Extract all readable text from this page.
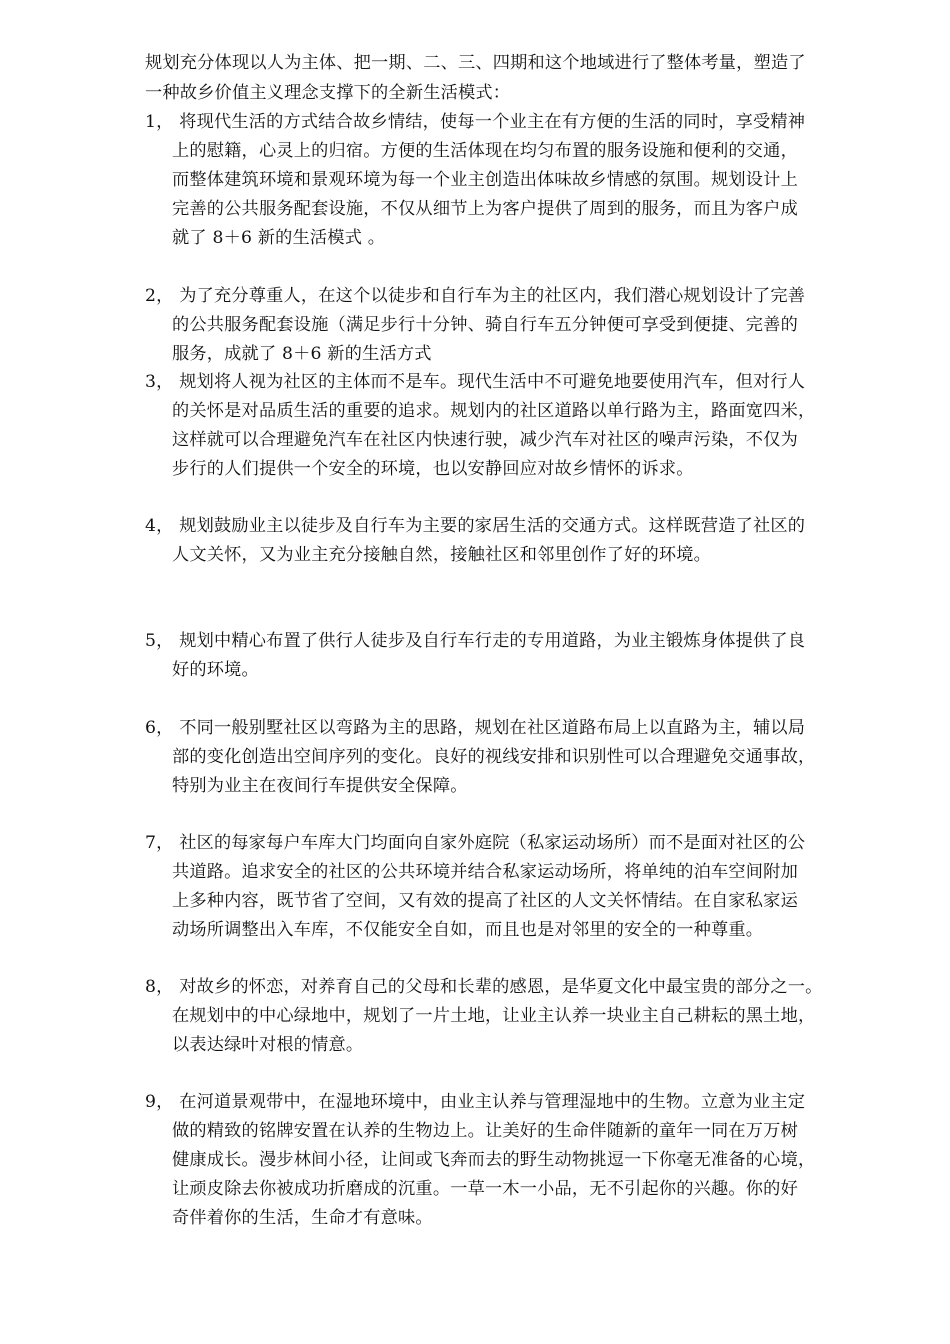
规划充分体现以人为主体、把一期、二、三、四期和这个地域进行了整体考量，塑造了
一种故乡价值主义理念支撑下的全新生活模式：
1， 将现代生活的方式结合故乡情结，使每一个业主在有方便的生活的同时，享受精神
上的慰籍，心灵上的归宿。方便的生活体现在均匀布置的服务设施和便利的交通，
而整体建筑环境和景观环境为每一个业主创造出体味故乡情感的氛围。规划设计上
完善的公共服务配套设施，不仅从细节上为客户提供了周到的服务，而且为客户成
就了 8＋6 新的生活模式 。
2， 为了充分尊重人，在这个以徒步和自行车为主的社区内，我们潜心规划设计了完善
的公共服务配套设施（满足步行十分钟、骑自行车五分钟便可享受到便捷、完善的
服务，成就了 8＋6 新的生活方式
3， 规划将人视为社区的主体而不是车。现代生活中不可避免地要使用汽车，但对行人
的关怀是对品质生活的重要的追求。规划内的社区道路以单行路为主，路面宽四米，
这样就可以合理避免汽车在社区内快速行驶，减少汽车对社区的噪声污染，不仅为
步行的人们提供一个安全的环境，也以安静回应对故乡情怀的诉求。
4， 规划鼓励业主以徒步及自行车为主要的家居生活的交通方式。这样既营造了社区的
人文关怀，又为业主充分接触自然，接触社区和邻里创作了好的环境。
5， 规划中精心布置了供行人徒步及自行车行走的专用道路，为业主锻炼身体提供了良
好的环境。
6， 不同一般别墅社区以弯路为主的思路，规划在社区道路布局上以直路为主，辅以局
部的变化创造出空间序列的变化。良好的视线安排和识别性可以合理避免交通事故，
特别为业主在夜间行车提供安全保障。
7， 社区的每家每户车库大门均面向自家外庭院（私家运动场所）而不是面对社区的公
共道路。追求安全的社区的公共环境并结合私家运动场所，将单纯的泊车空间附加
上多种内容，既节省了空间，又有效的提高了社区的人文关怀情结。在自家私家运
动场所调整出入车库，不仅能安全自如，而且也是对邻里的安全的一种尊重。
8， 对故乡的怀恋，对养育自己的父母和长辈的感恩，是华夏文化中最宝贵的部分之一。
在规划中的中心绿地中，规划了一片土地，让业主认养一块业主自己耕耘的黑土地，
以表达绿叶对根的情意。
9， 在河道景观带中，在湿地环境中，由业主认养与管理湿地中的生物。立意为业主定
做的精致的铭牌安置在认养的生物边上。让美好的生命伴随新的童年一同在万万树
健康成长。漫步林间小径，让间或飞奔而去的野生动物挑逗一下你毫无准备的心境，
让顽皮除去你被成功折磨成的沉重。一草一木一小品，无不引起你的兴趣。你的好
奇伴着你的生活，生命才有意味。
